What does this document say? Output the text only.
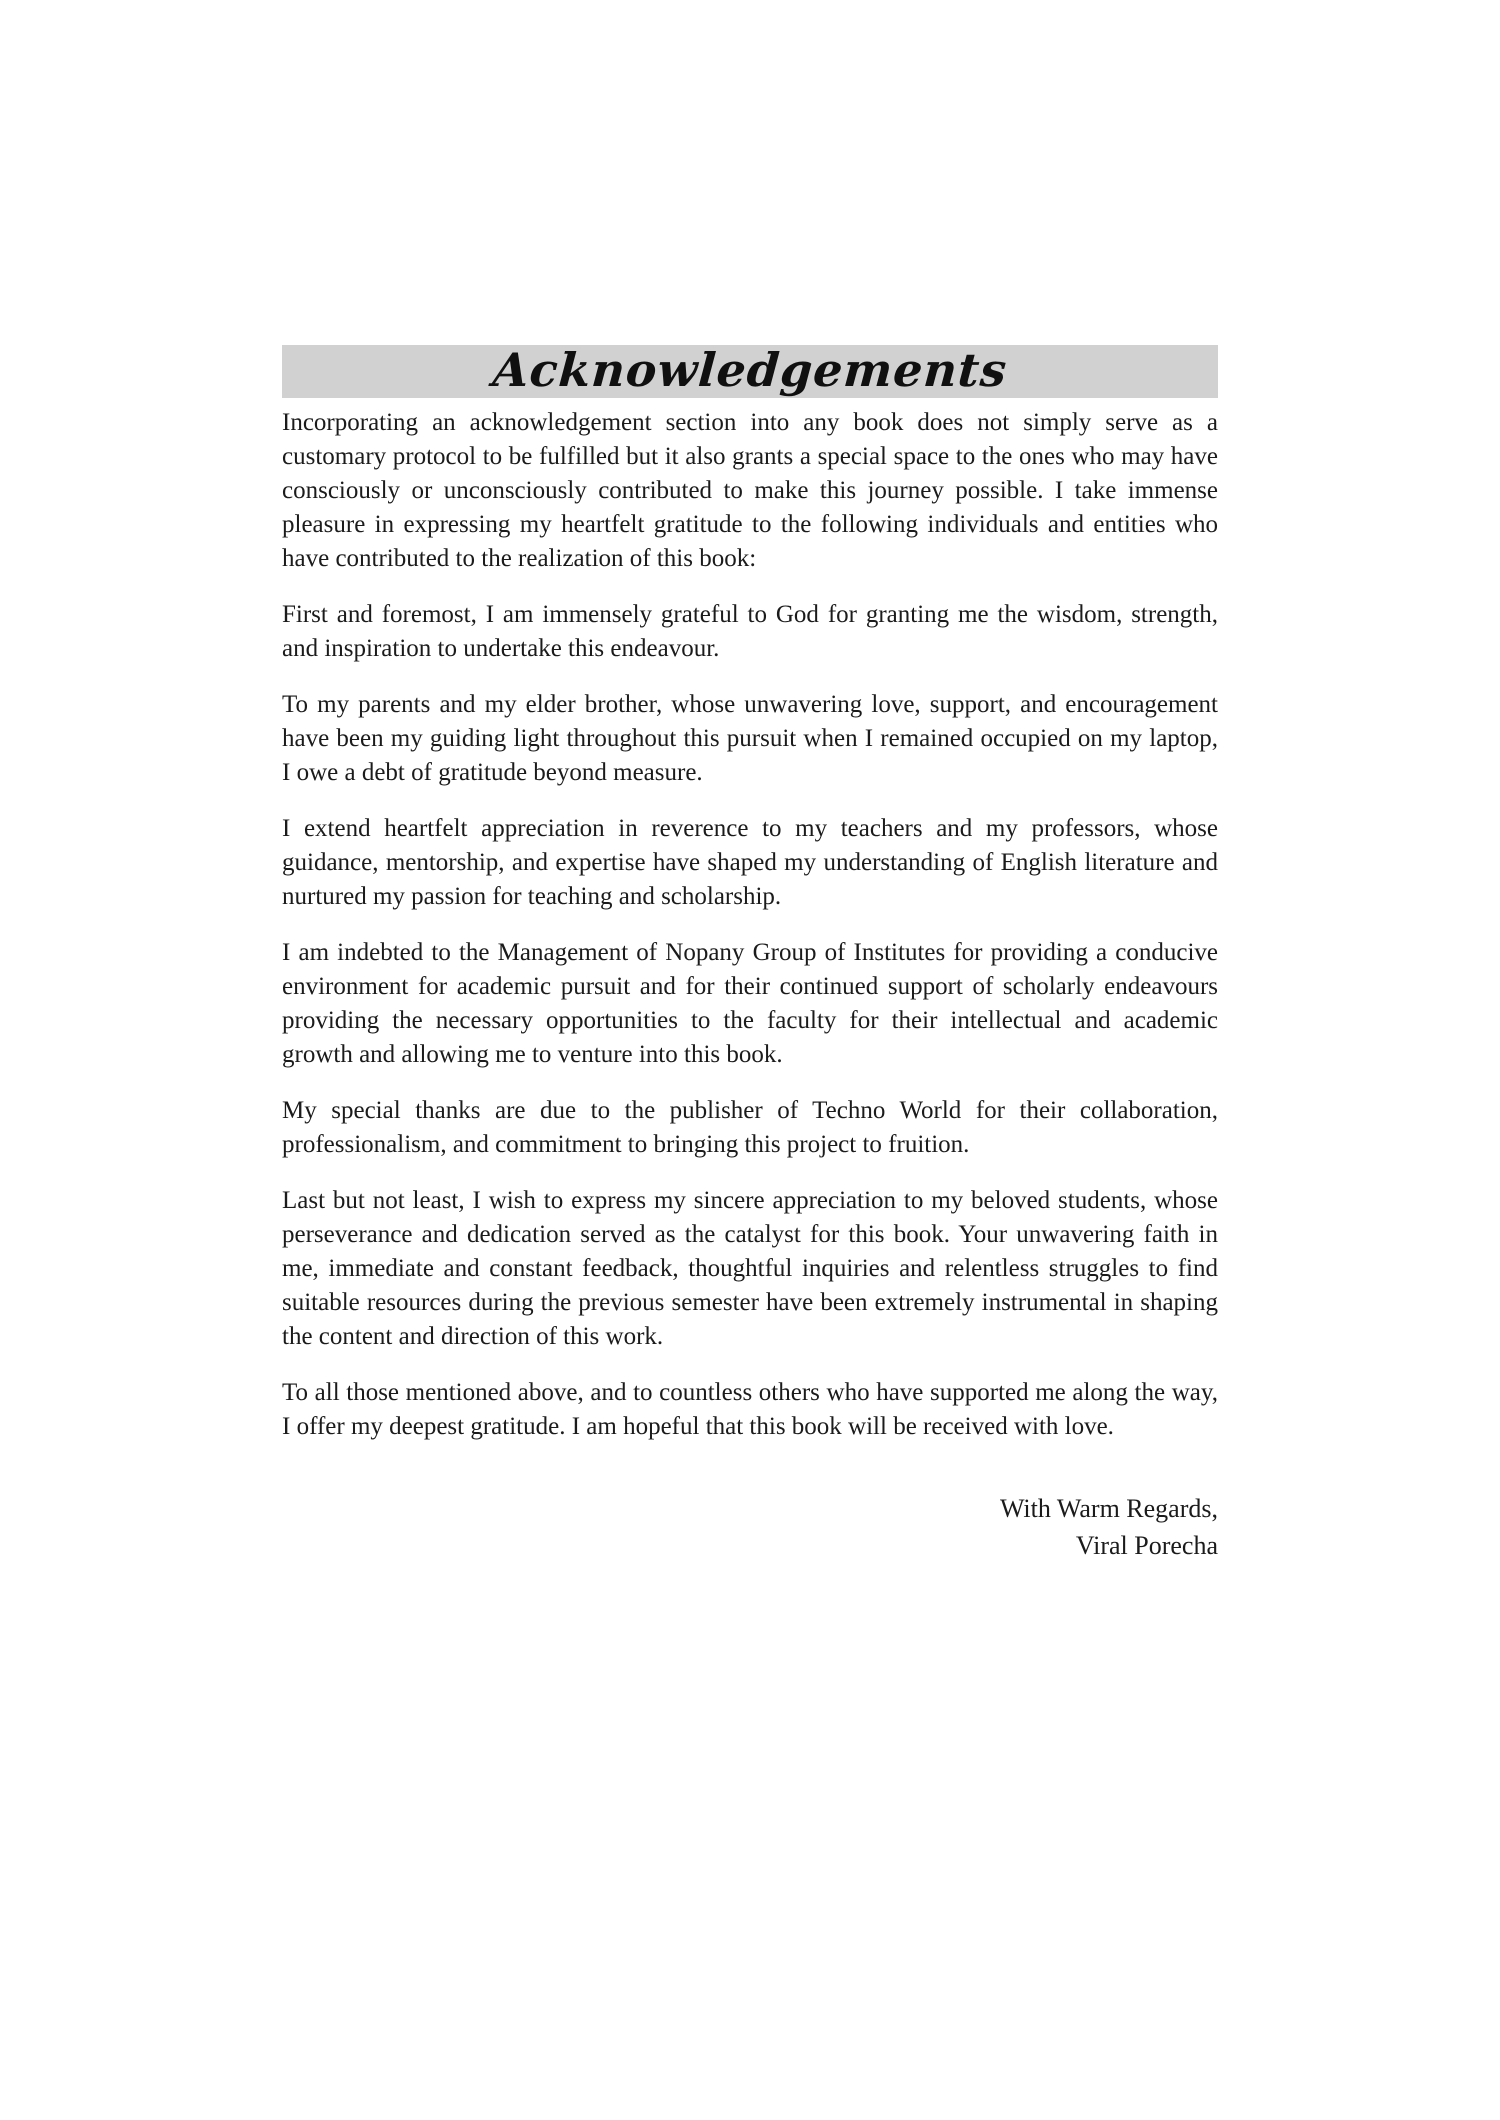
Acknowledgements

Incorporating an acknowledgement section into any book does not simply serve as a customary protocol to be fulfilled but it also grants a special space to the ones who may have consciously or unconsciously contributed to make this journey possible. I take immense pleasure in expressing my heartfelt gratitude to the following individuals and entities who have contributed to the realization of this book:

First and foremost, I am immensely grateful to God for granting me the wisdom, strength, and inspiration to undertake this endeavour.

To my parents and my elder brother, whose unwavering love, support, and encouragement have been my guiding light throughout this pursuit when I remained occupied on my laptop, I owe a debt of gratitude beyond measure.

I extend heartfelt appreciation in reverence to my teachers and my professors, whose guidance, mentorship, and expertise have shaped my understanding of English literature and nurtured my passion for teaching and scholarship.

I am indebted to the Management of Nopany Group of Institutes for providing a conducive environment for academic pursuit and for their continued support of scholarly endeavours providing the necessary opportunities to the faculty for their intellectual and academic growth and allowing me to venture into this book.

My special thanks are due to the publisher of Techno World for their collaboration, professionalism, and commitment to bringing this project to fruition.

Last but not least, I wish to express my sincere appreciation to my beloved students, whose perseverance and dedication served as the catalyst for this book. Your unwavering faith in me, immediate and constant feedback, thoughtful inquiries and relentless struggles to find suitable resources during the previous semester have been extremely instrumental in shaping the content and direction of this work.

To all those mentioned above, and to countless others who have supported me along the way, I offer my deepest gratitude. I am hopeful that this book will be received with love.

With Warm Regards,
Viral Porecha
